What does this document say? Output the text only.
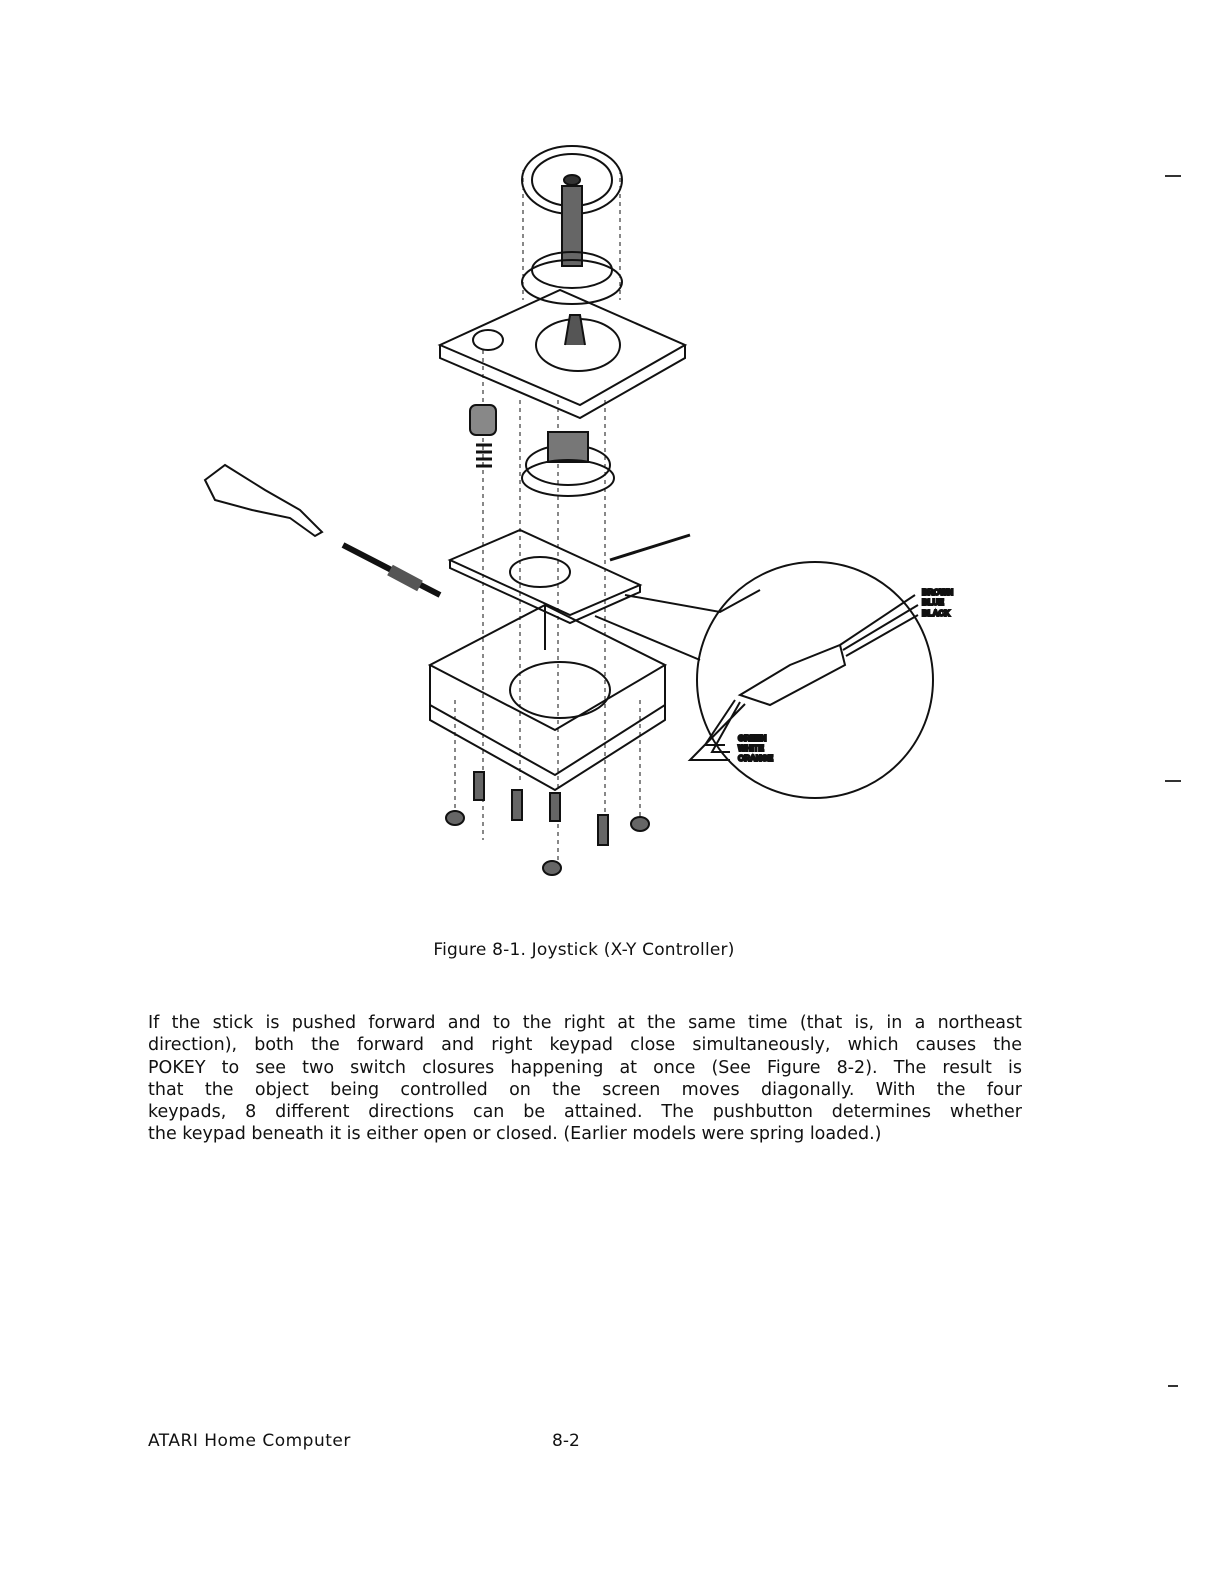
BROWN
BLUE
BLACK
GREEN
WHITE
ORANGE
Figure 8-1. Joystick (X-Y Controller)
If the stick is pushed forward and to the right at the same time (that is, in a northeast
direction), both the forward and right keypad close simultaneously, which causes the
POKEY to see two switch closures happening at once (See Figure 8-2). The result is
that the object being controlled on the screen moves diagonally. With the four
keypads, 8 different directions can be attained. The pushbutton determines whether
the keypad beneath it is either open or closed. (Earlier models were spring loaded.)
ATARI Home Computer	8-2
